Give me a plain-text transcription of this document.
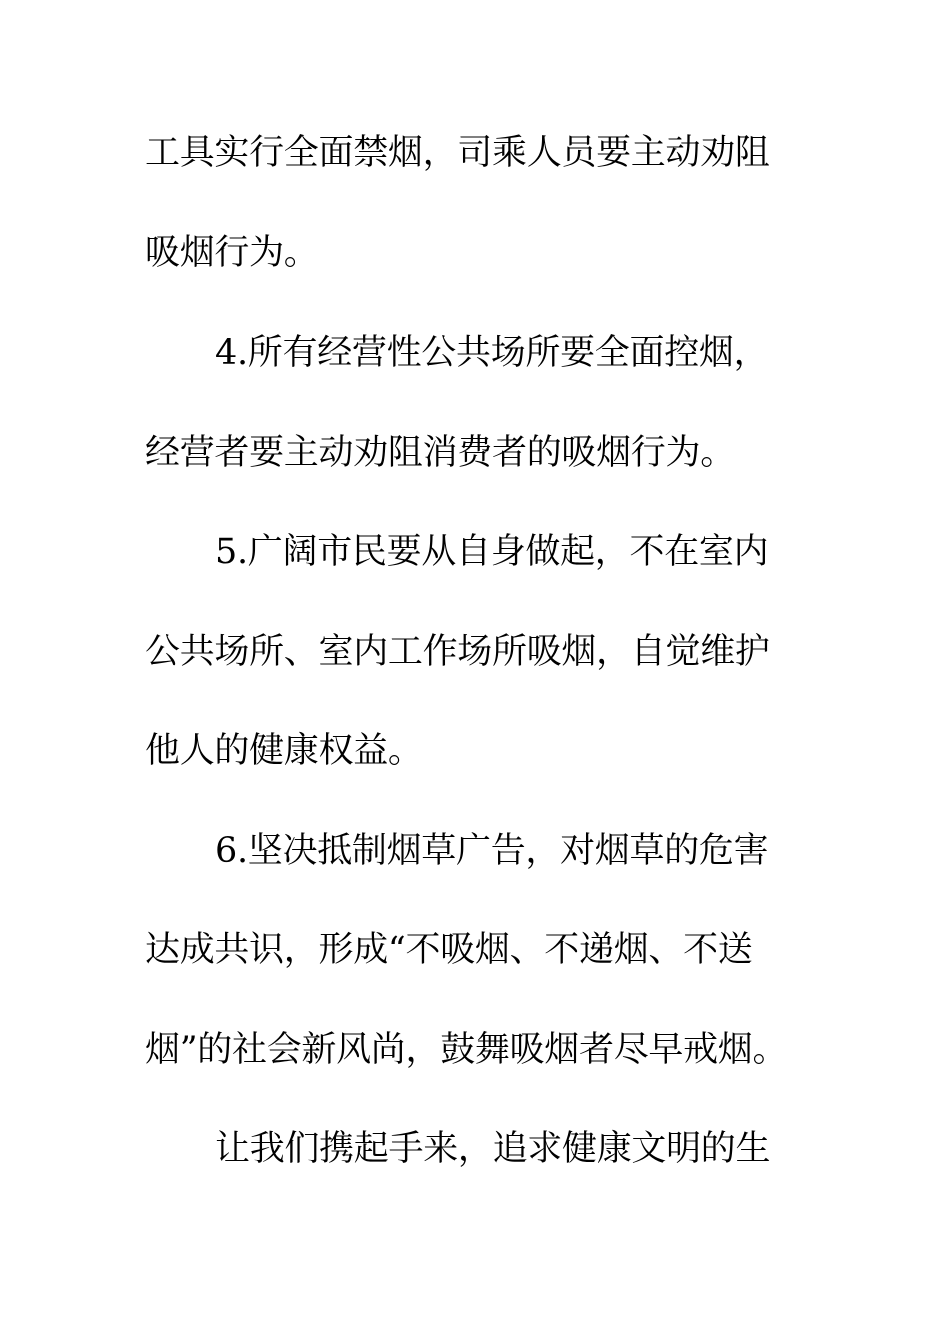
工具实行全面禁烟，司乘人员要主动劝阻
吸烟行为。
4.所有经营性公共场所要全面控烟，
经营者要主动劝阻消费者的吸烟行为。
5.广阔市民要从自身做起，不在室内
公共场所、室内工作场所吸烟，自觉维护
他人的健康权益。
6.坚决抵制烟草广告，对烟草的危害
达成共识，形成“不吸烟、不递烟、不送
烟”的社会新风尚，鼓舞吸烟者尽早戒烟。
让我们携起手来，追求健康文明的生
